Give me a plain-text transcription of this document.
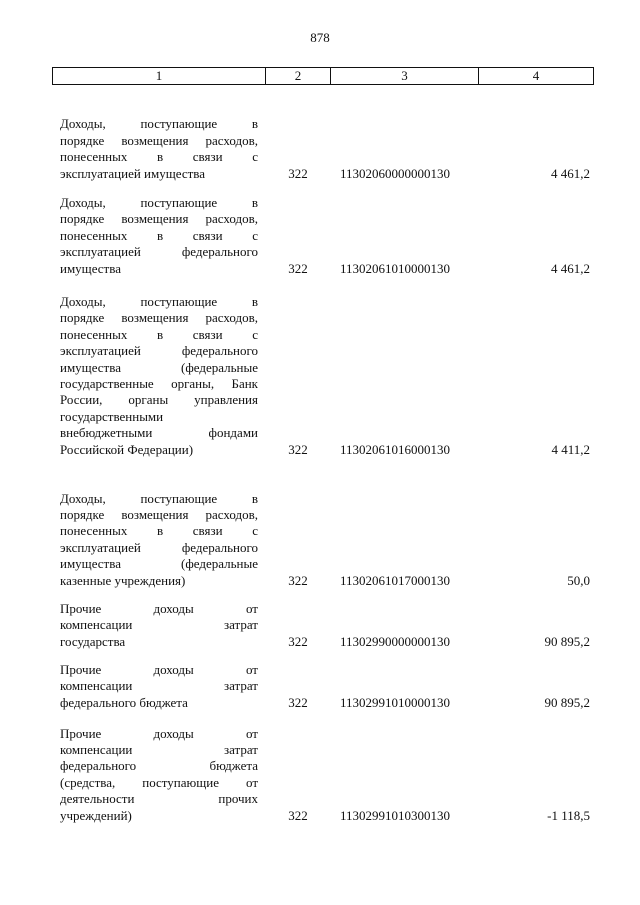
878
1	2	3	4
Доходы, поступающие в
порядке возмещения расходов,
понесенных в связи с
эксплуатацией имущества	322	11302060000000130	4 461,2
Доходы, поступающие в
порядке возмещения расходов,
понесенных в связи с
эксплуатацией федерального
имущества	322	11302061010000130	4 461,2
Доходы, поступающие в
порядке возмещения расходов,
понесенных в связи с
эксплуатацией федерального
имущества (федеральные
государственные органы, Банк
России, органы управления
государственными
внебюджетными фондами
Российской Федерации)	322	11302061016000130	4 411,2
Доходы, поступающие в
порядке возмещения расходов,
понесенных в связи с
эксплуатацией федерального
имущества (федеральные
казенные учреждения)	322	11302061017000130	50,0
Прочие доходы от
компенсации затрат
государства	322	11302990000000130	90 895,2
Прочие доходы от
компенсации затрат
федерального бюджета	322	11302991010000130	90 895,2
Прочие доходы от
компенсации затрат
федерального бюджета
(средства, поступающие от
деятельности прочих
учреждений)	322	11302991010300130	-1 118,5
